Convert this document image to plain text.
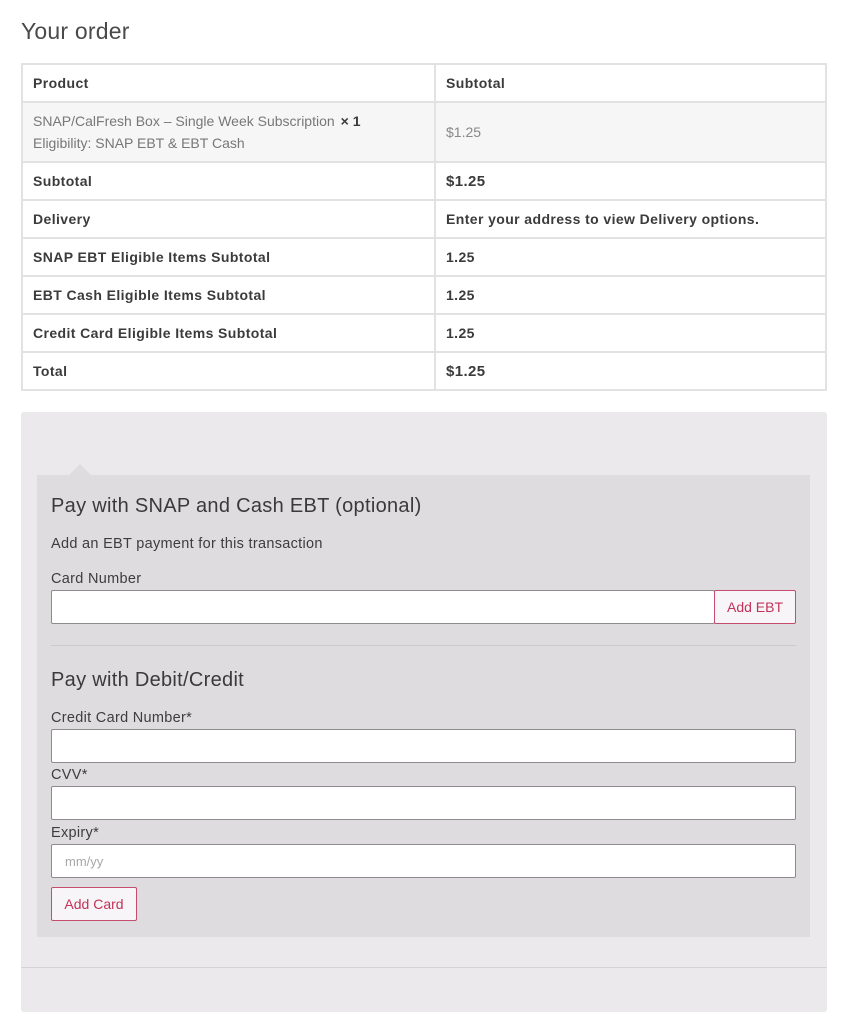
Your order
Product	Subtotal

SNAP/CalFresh Box – Single Week Subscription × 1
Eligibility: SNAP EBT & EBT Cash	$1.25
Subtotal	$1.25
Delivery	Enter your address to view Delivery options.
SNAP EBT Eligible Items Subtotal	1.25
EBT Cash Eligible Items Subtotal	1.25
Credit Card Eligible Items Subtotal	1.25
Total	$1.25
Pay with SNAP and Cash EBT (optional)
Add an EBT payment for this transaction
Card Number
Add EBT
Pay with Debit/Credit
Credit Card Number*
CVV*
Expiry*
mm/yy
Add Card
